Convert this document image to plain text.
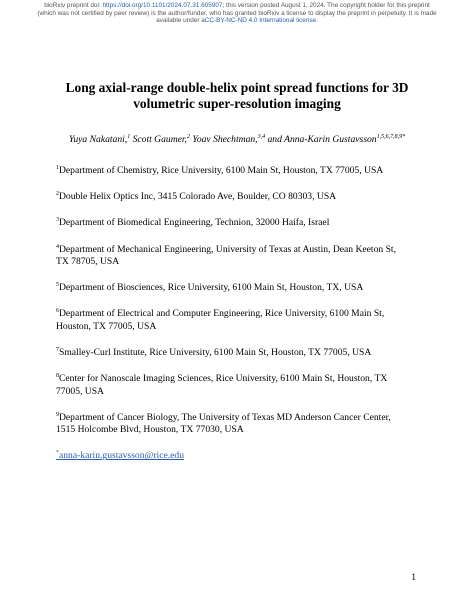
bioRxiv preprint doi: https://doi.org/10.1101/2024.07.31.605907; this version posted August 1, 2024. The copyright holder for this preprint
(which was not certified by peer review) is the author/funder, who has granted bioRxiv a license to display the preprint in perpetuity. It is made
available under aCC-BY-NC-ND 4.0 International license.
Long axial-range double-helix point spread functions for 3D
volumetric super-resolution imaging
Yuya Nakatani,$^1$ Scott Gaumer,$^2$ Yoav Shechtman,$^{3,4}$ and Anna-Karin Gustavsson$^{1,5,6,7,8,9*}$
$^1$Department of Chemistry, Rice University, 6100 Main St, Houston, TX 77005, USA
$^2$Double Helix Optics Inc, 3415 Colorado Ave, Boulder, CO 80303, USA
$^3$Department of Biomedical Engineering, Technion, 32000 Haifa, Israel
$^4$Department of Mechanical Engineering, University of Texas at Austin, Dean Keeton St, TX 78705, USA
$^5$Department of Biosciences, Rice University, 6100 Main St, Houston, TX, USA
$^6$Department of Electrical and Computer Engineering, Rice University, 6100 Main St, Houston, TX 77005, USA
$^7$Smalley-Curl Institute, Rice University, 6100 Main St, Houston, TX 77005, USA
$^8$Center for Nanoscale Imaging Sciences, Rice University, 6100 Main St, Houston, TX 77005, USA
$^9$Department of Cancer Biology, The University of Texas MD Anderson Cancer Center, 1515 Holcombe Blvd, Houston, TX 77030, USA
*anna-karin.gustavsson@rice.edu
1
